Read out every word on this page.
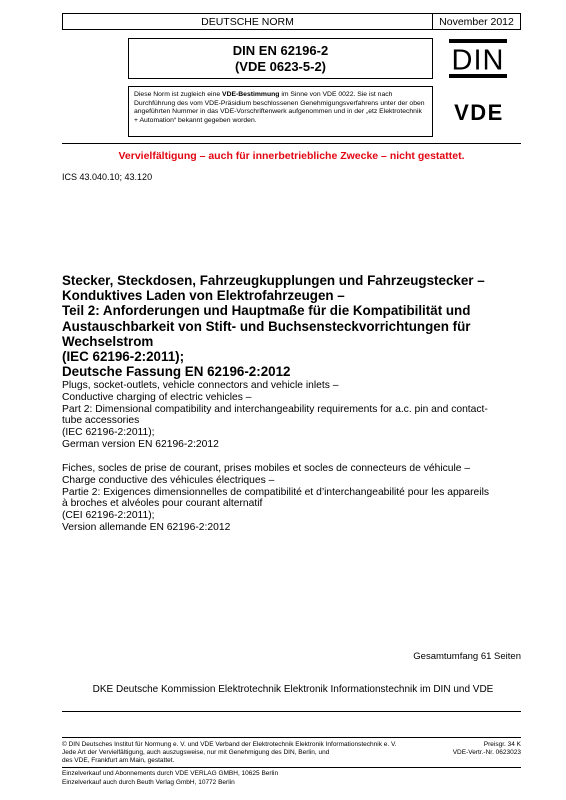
DEUTSCHE NORM	November 2012
DIN EN 62196-2
(VDE 0623-5-2)	DIN
Diese Norm ist zugleich eine VDE-Bestimmung im Sinne von VDE 0022. Sie ist nach Durchführung des vom VDE-Präsidium beschlossenen Genehmigungsverfahrens unter der oben angeführten Nummer in das VDE-Vorschriftenwerk aufgenommen und in der „etz Elektrotechnik + Automation“ bekannt gegeben worden.	VDE
Vervielfältigung – auch für innerbetriebliche Zwecke – nicht gestattet.
ICS 43.040.10; 43.120
Stecker, Steckdosen, Fahrzeugkupplungen und Fahrzeugstecker –
Konduktives Laden von Elektrofahrzeugen –
Teil 2: Anforderungen und Hauptmaße für die Kompatibilität und
Austauschbarkeit von Stift- und Buchsensteckvorrichtungen für
Wechselstrom
(IEC 62196-2:2011);
Deutsche Fassung EN 62196-2:2012
Plugs, socket-outlets, vehicle connectors and vehicle inlets –
Conductive charging of electric vehicles –
Part 2: Dimensional compatibility and interchangeability requirements for a.c. pin and contact-
tube accessories
(IEC 62196-2:2011);
German version EN 62196-2:2012
Fiches, socles de prise de courant, prises mobiles et socles de connecteurs de véhicule –
Charge conductive des véhicules électriques –
Partie 2: Exigences dimensionnelles de compatibilité et d’interchangeabilité pour les appareils
à broches et alvéoles pour courant alternatif
(CEI 62196-2:2011);
Version allemande EN 62196-2:2012
Gesamtumfang 61 Seiten
DKE Deutsche Kommission Elektrotechnik Elektronik Informationstechnik im DIN und VDE
© DIN Deutsches Institut für Normung e. V. und VDE Verband der Elektrotechnik Elektronik Informationstechnik e. V.
Jede Art der Vervielfältigung, auch auszugsweise, nur mit Genehmigung des DIN, Berlin, und
des VDE, Frankfurt am Main, gestattet.
Preisgr. 34 K
VDE-Vertr.-Nr. 0623023
Einzelverkauf und Abonnements durch VDE VERLAG GMBH, 10625 Berlin
Einzelverkauf auch durch Beuth Verlag GmbH, 10772 Berlin
